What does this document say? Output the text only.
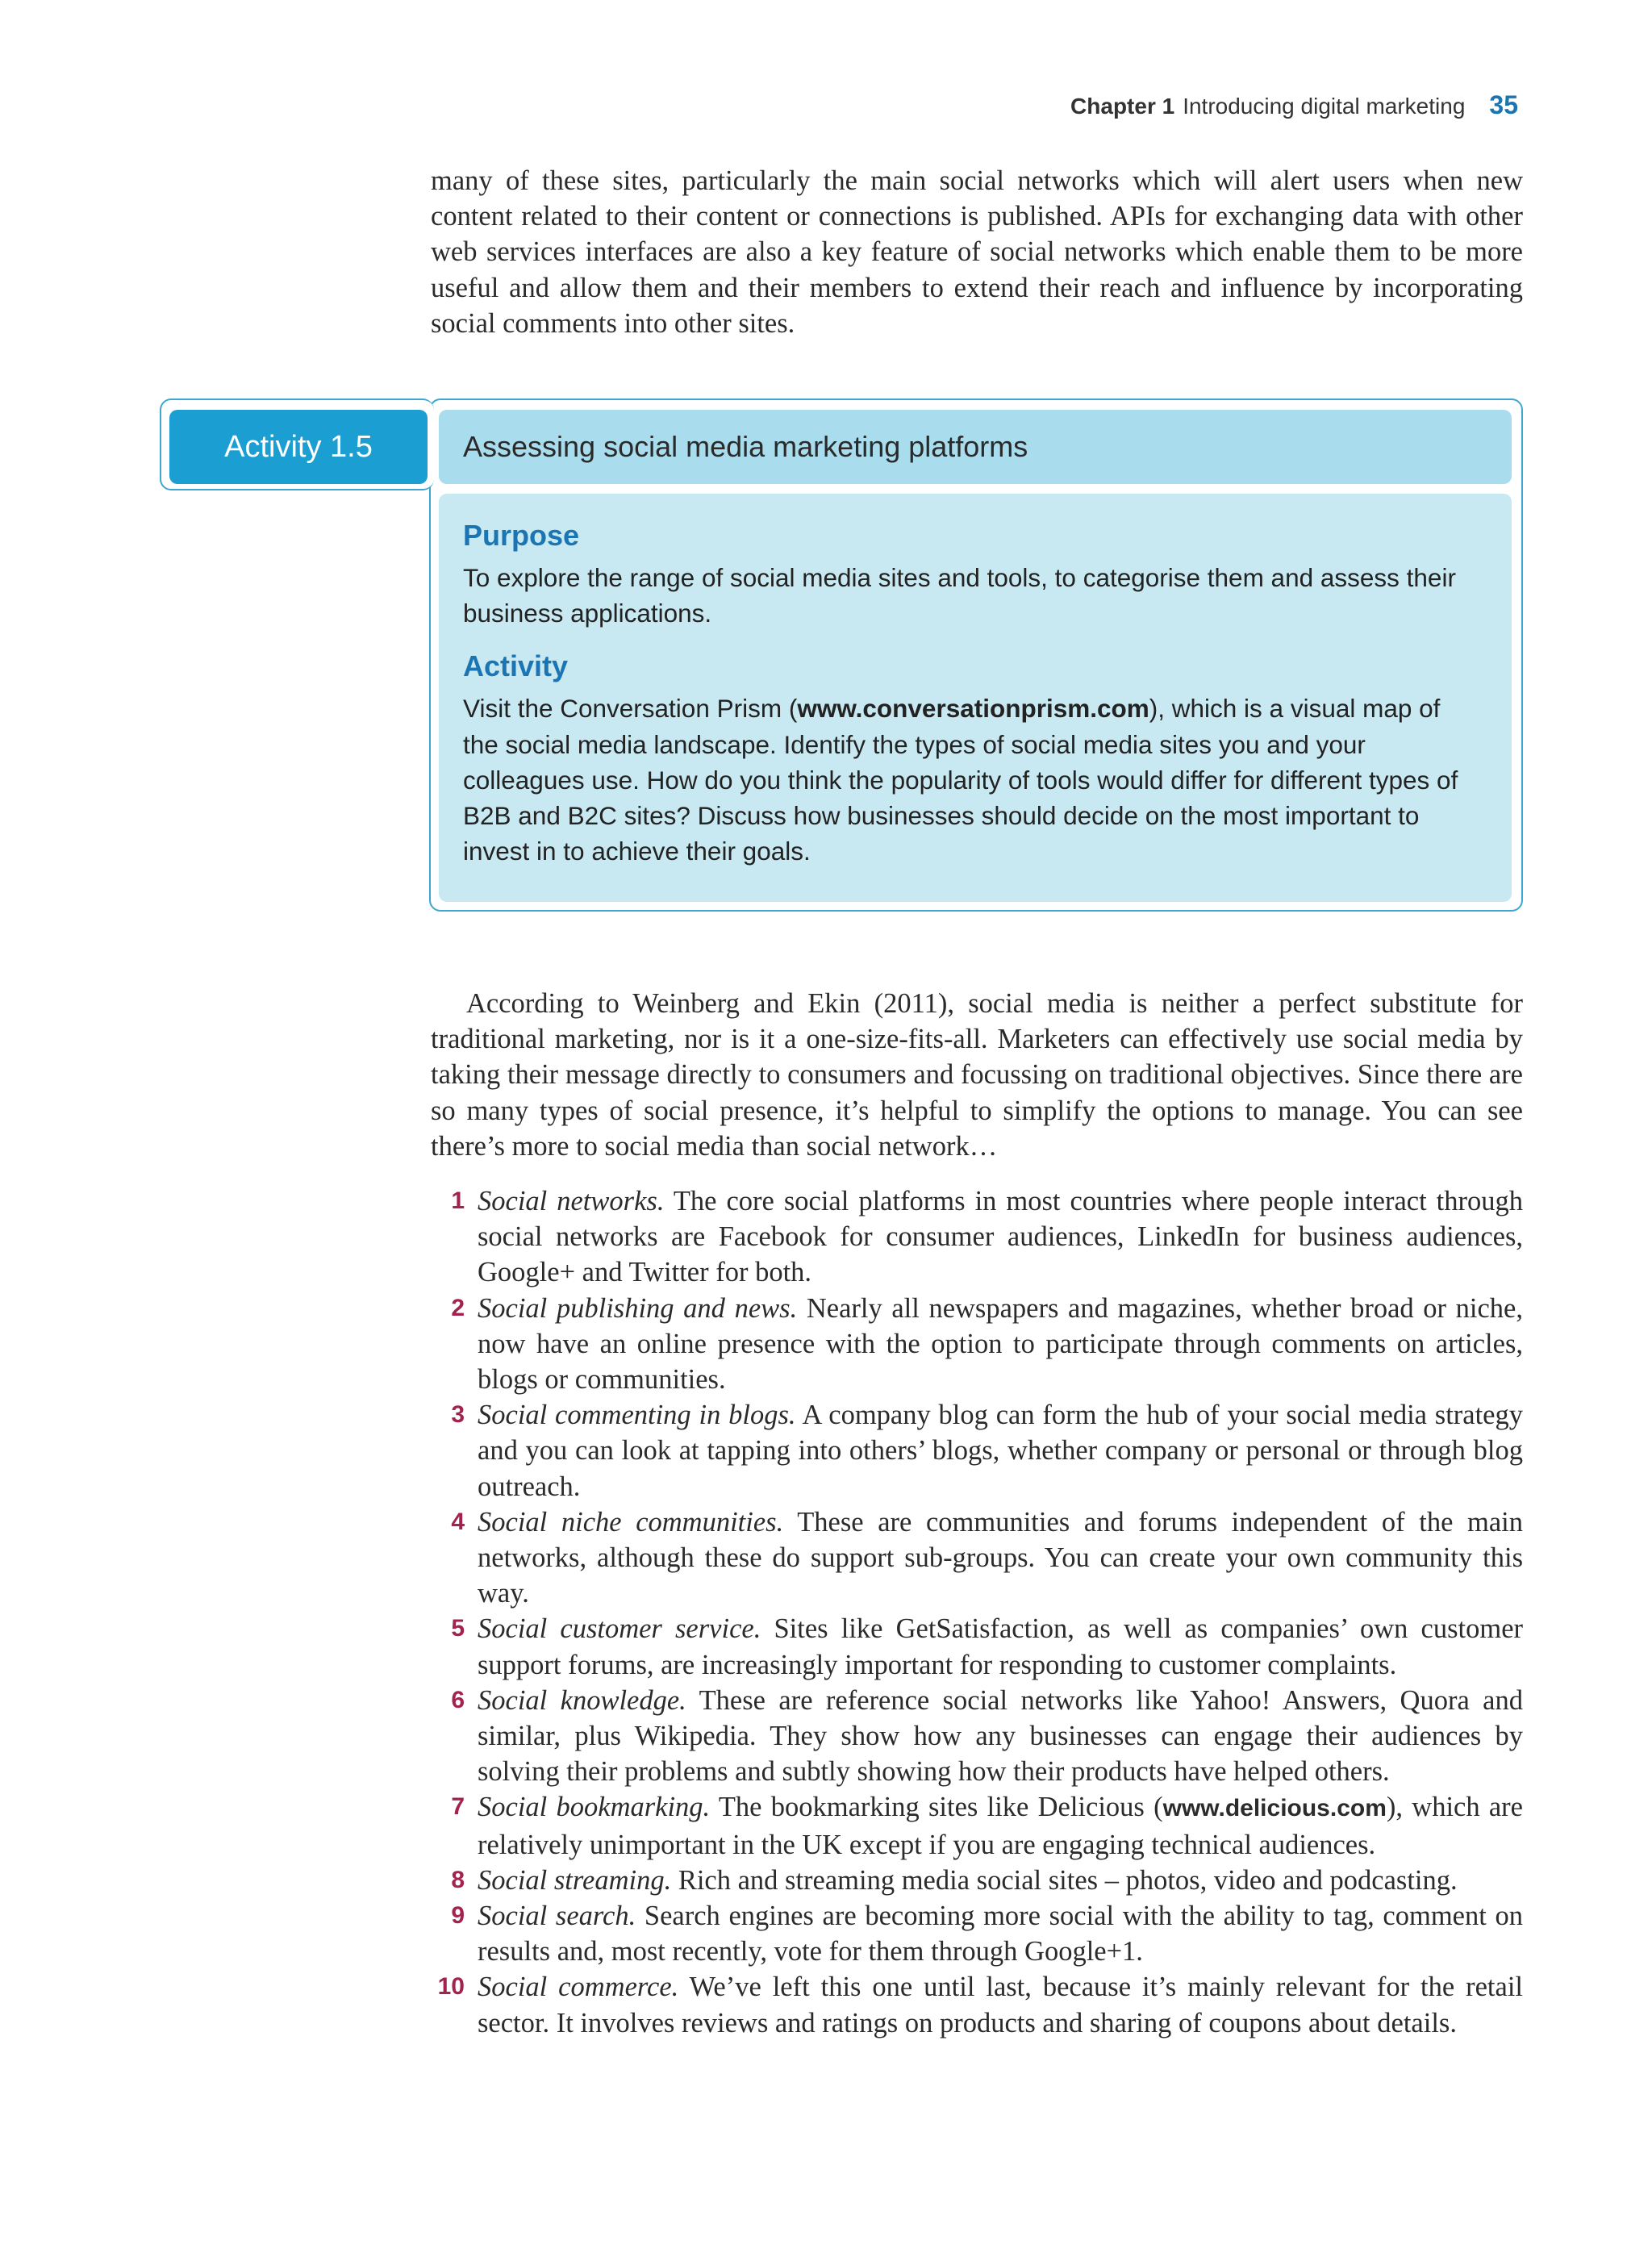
Chapter 1 Introducing digital marketing 35

many of these sites, particularly the main social networks which will alert users when new content related to their content or connections is published. APIs for exchanging data with other web services interfaces are also a key feature of social networks which enable them to be more useful and allow them and their members to extend their reach and influence by incorporating social comments into other sites.

Activity 1.5	Assessing social media marketing platforms
Purpose

To explore the range of social media sites and tools, to categorise them and assess their business applications.

Activity

Visit the Conversation Prism (www.conversationprism.com), which is a visual map of the social media landscape. Identify the types of social media sites you and your colleagues use. How do you think the popularity of tools would differ for different types of B2B and B2C sites? Discuss how businesses should decide on the most important to invest in to achieve their goals.

According to Weinberg and Ekin (2011), social media is neither a perfect substitute for traditional marketing, nor is it a one-size-fits-all. Marketers can effectively use social media by taking their message directly to consumers and focussing on traditional objectives. Since there are so many types of social presence, it’s helpful to simplify the options to manage. You can see there’s more to social media than social network…

1 Social networks. The core social platforms in most countries where people interact through social networks are Facebook for consumer audiences, LinkedIn for business audiences, Google+ and Twitter for both.
2 Social publishing and news. Nearly all newspapers and magazines, whether broad or niche, now have an online presence with the option to participate through comments on articles, blogs or communities.
3 Social commenting in blogs. A company blog can form the hub of your social media strategy and you can look at tapping into others’ blogs, whether company or personal or through blog outreach.
4 Social niche communities. These are communities and forums independent of the main networks, although these do support sub-groups. You can create your own community this way.
5 Social customer service. Sites like GetSatisfaction, as well as companies’ own customer support forums, are increasingly important for responding to customer complaints.
6 Social knowledge. These are reference social networks like Yahoo! Answers, Quora and similar, plus Wikipedia. They show how any businesses can engage their audiences by solving their problems and subtly showing how their products have helped others.
7 Social bookmarking. The bookmarking sites like Delicious (www.delicious.com), which are relatively unimportant in the UK except if you are engaging technical audiences.
8 Social streaming. Rich and streaming media social sites – photos, video and podcasting.
9 Social search. Search engines are becoming more social with the ability to tag, comment on results and, most recently, vote for them through Google+1.
10 Social commerce. We’ve left this one until last, because it’s mainly relevant for the retail sector. It involves reviews and ratings on products and sharing of coupons about details.
